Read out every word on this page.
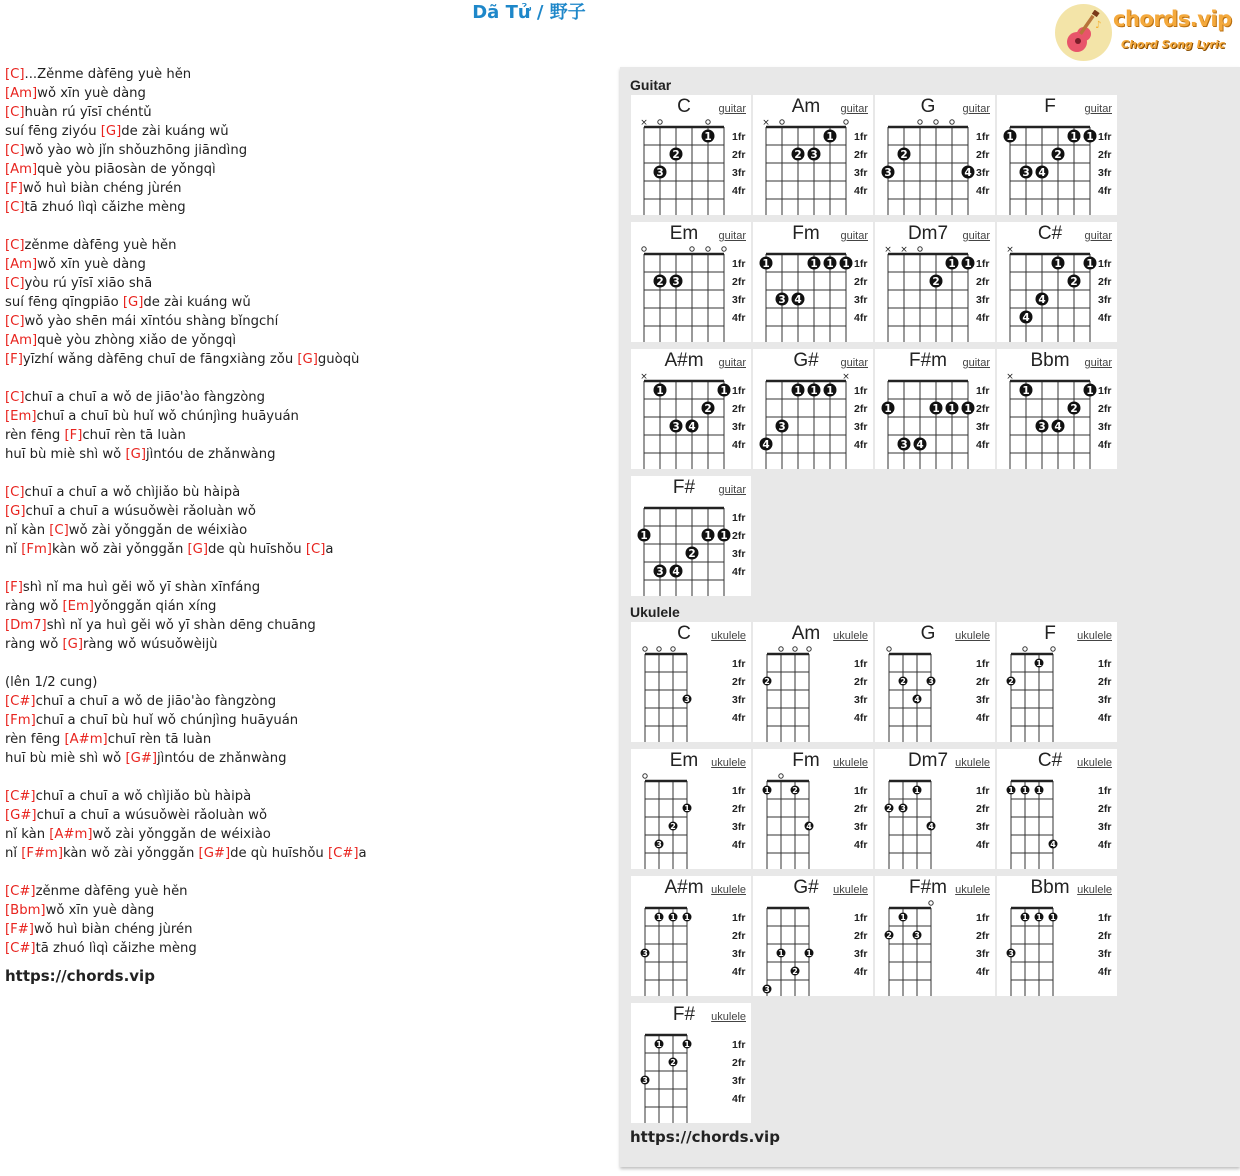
Dã Tử / 野子
♪ chords.vip
Chord Song Lyric
[C]...Zěnme dàfēng yuè hěn
[Am]wǒ xīn yuè dàng
[C]huàn rú yīsī chéntǔ
suí fēng ziyóu [G]de zài kuáng wǔ
[C]wǒ yào wò jǐn shǒuzhōng jiāndìng
[Am]què yòu piāosàn de yǒngqì
[F]wǒ huì biàn chéng jùrén
[C]tā zhuó lìqì cǎizhe mèng
[C]zěnme dàfēng yuè hěn
[Am]wǒ xīn yuè dàng
[C]yòu rú yīsī xiāo shā
suí fēng qīngpiāo [G]de zài kuáng wǔ
[C]wǒ yào shēn mái xīntóu shàng bǐngchí
[Am]què yòu zhòng xiǎo de yǒngqì
[F]yīzhí wǎng dàfēng chuī de fāngxiàng zǒu [G]guòqù
[C]chuī a chuī a wǒ de jiāo'ào fàngzòng
[Em]chuī a chuī bù huǐ wǒ chúnjìng huāyuán
rèn fēng [F]chuī rèn tā luàn
huī bù miè shì wǒ [G]jìntóu de zhǎnwàng
[C]chuī a chuī a wǒ chìjiǎo bù hàipà
[G]chuī a chuī a wúsuǒwèi rǎoluàn wǒ
nǐ kàn [C]wǒ zài yǒnggǎn de wéixiào
nǐ [Fm]kàn wǒ zài yǒnggǎn [G]de qù huīshǒu [C]a
[F]shì nǐ ma huì gěi wǒ yī shàn xīnfáng
ràng wǒ [Em]yǒnggǎn qián xíng
[Dm7]shì nǐ ya huì gěi wǒ yī shàn dēng chuāng
ràng wǒ [G]ràng wǒ wúsuǒwèijù
(lên 1/2 cung)
[C#]chuī a chuī a wǒ de jiāo'ào fàngzòng
[Fm]chuī a chuī bù huǐ wǒ chúnjìng huāyuán
rèn fēng [A#m]chuī rèn tā luàn
huī bù miè shì wǒ [G#]jìntóu de zhǎnwàng
[C#]chuī a chuī a wǒ chìjiǎo bù hàipà
[G#]chuī a chuī a wúsuǒwèi rǎoluàn wǒ
nǐ kàn [A#m]wǒ zài yǒnggǎn de wéixiào
nǐ [F#m]kàn wǒ zài yǒnggǎn [G#]de qù huīshǒu [C#]a
[C#]zěnme dàfēng yuè hěn
[Bbm]wǒ xīn yuè dàng
[F#]wǒ huì biàn chéng jùrén
[C#]tā zhuó lìqì cǎizhe mèng
https://chords.vip
Guitar
1fr
2fr
3fr
4fr
×
1
2
3
C	guitar
1fr
2fr
3fr
4fr
×
1
2 3
Am	guitar
1fr
2fr
3fr
4fr
2
3	4
G	guitar
1fr
2fr
3fr
4fr
1	1 1
2
3 4
F	guitar
1fr
2fr
3fr
4fr
2 3
Em	guitar
1fr
2fr
3fr
4fr
1	1 1 1
3 4
Fm	guitar
1fr
2fr
3fr
4fr
× ×
1 1
2
Dm7	guitar
1fr
2fr
3fr
4fr
×
1 1
2
4
4
C#	guitar
1fr
2fr
3fr
4fr
×
1	1
2
3 4
A#m	guitar
1fr
2fr
3fr
4fr
×
1 1 1
3
4
G#	guitar
1fr
2fr
3fr
4fr
1	1 1 1
3 4
F#m	guitar
1fr
2fr
3fr
4fr
×
1	1
2
3 4
Bbm	guitar
1fr
2fr
3fr
4fr
1	1 1
2
3 4
F#	guitar
Ukulele
1fr
2fr
3fr
4fr
3
C	ukulele
1fr
2fr
3fr
4fr
2
Am	ukulele
1fr
2fr
3fr
4fr
2	3
4
G	ukulele
1fr
2fr
3fr
4fr
1
2
F	ukulele
1fr
2fr
3fr
4fr
1
2
3
Em	ukulele
1fr
2fr
3fr
4fr
1	2
4
Fm	ukulele
1fr
2fr
3fr
4fr
1
2 3
4
Dm7 ukulele
1fr
2fr
3fr
4fr
1 1 1
4
C#	ukulele
1fr
2fr
3fr
4fr
1 1 1
3
A#m ukulele
1fr
2fr
3fr
4fr
1	1
2
3
G#	ukulele
1fr
2fr
3fr
4fr
1
2	3
F#m ukulele
1fr
2fr
3fr
4fr
1 1 1
3
Bbm ukulele
1fr
2fr
3fr
4fr
1	1
2
3
F#	ukulele
https://chords.vip
